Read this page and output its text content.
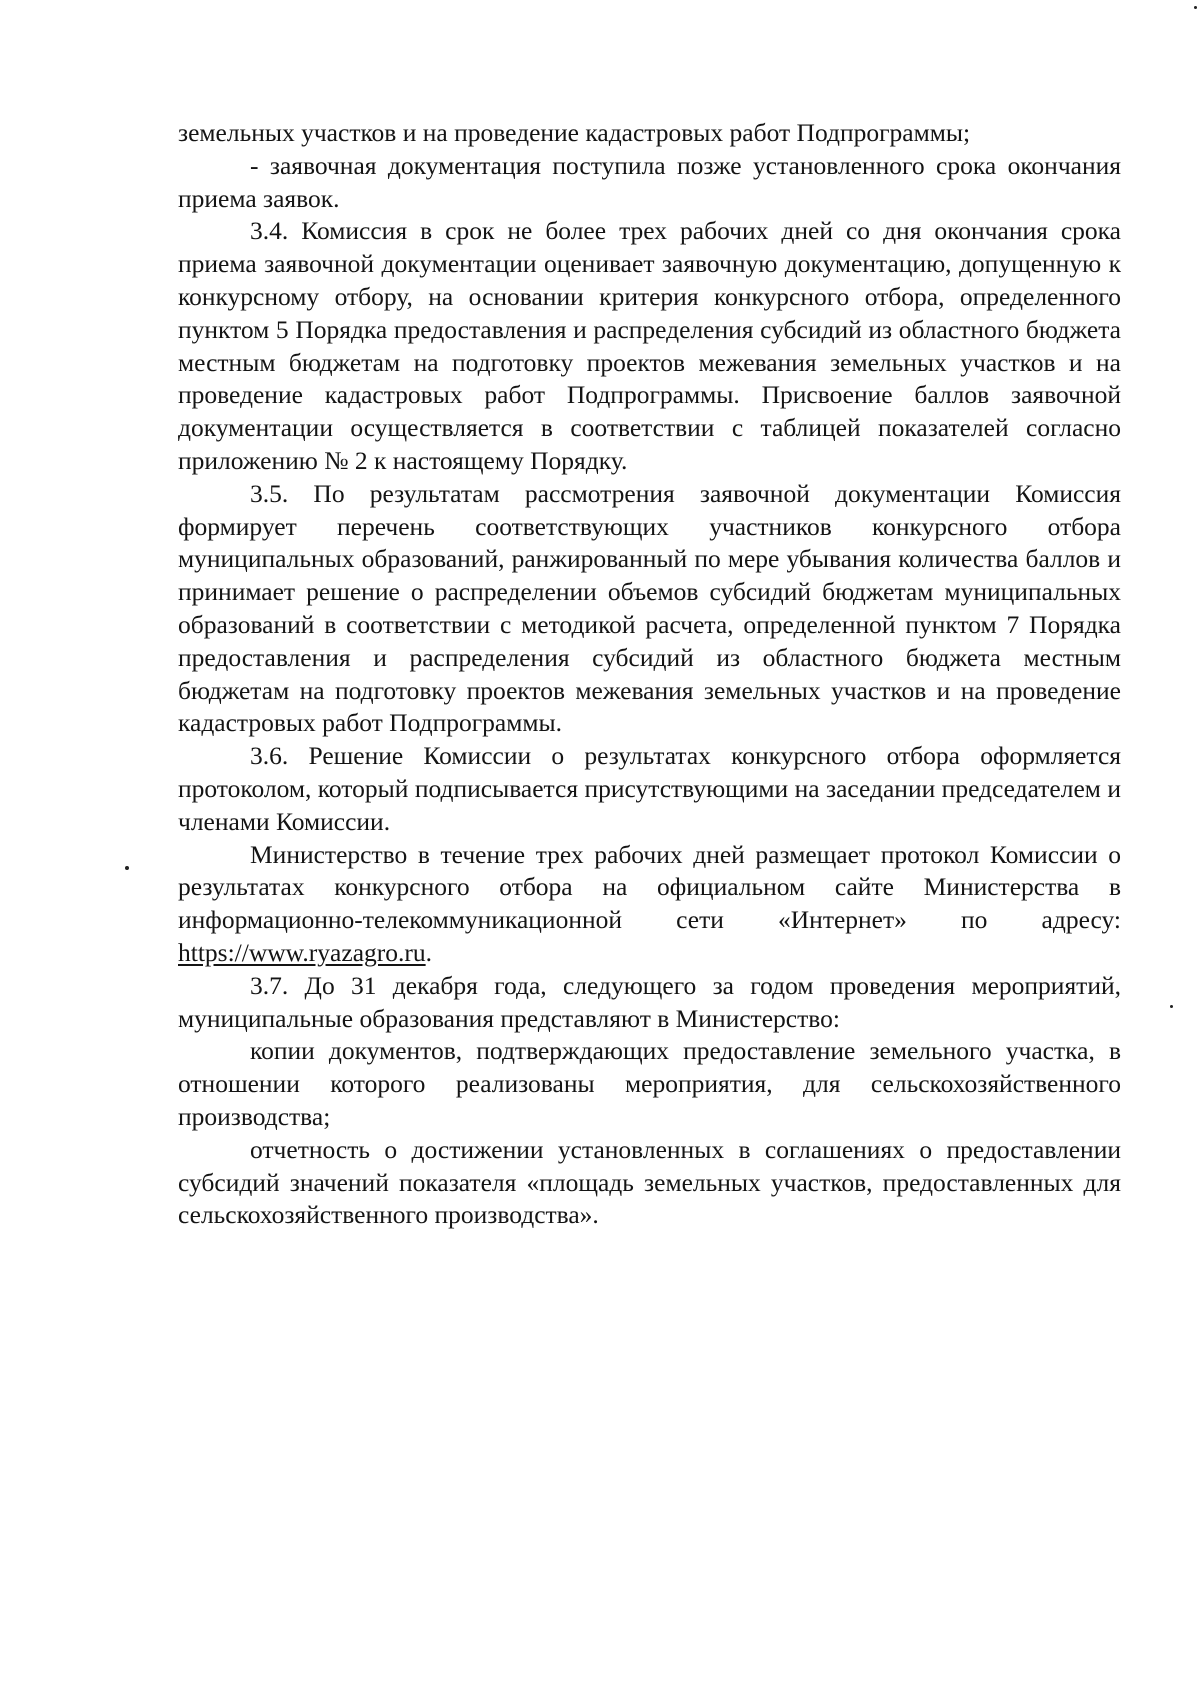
земельных участков и на проведение кадастровых работ Подпрограммы;

- заявочная документация поступила позже установленного срока окончания приема заявок.

3.4. Комиссия в срок не более трех рабочих дней со дня окончания срока приема заявочной документации оценивает заявочную документацию, допущенную к конкурсному отбору, на основании критерия конкурсного отбора, определенного пунктом 5 Порядка предоставления и распределения субсидий из областного бюджета местным бюджетам на подготовку проектов межевания земельных участков и на проведение кадастровых работ Подпрограммы. Присвоение баллов заявочной документации осуществляется в соответствии с таблицей показателей согласно приложению № 2 к настоящему Порядку.

3.5. По результатам рассмотрения заявочной документации Комиссия формирует перечень соответствующих участников конкурсного отбора муниципальных образований, ранжированный по мере убывания количества баллов и принимает решение о распределении объемов субсидий бюджетам муниципальных образований в соответствии с методикой расчета, определенной пунктом 7 Порядка предоставления и распределения субсидий из областного бюджета местным бюджетам на подготовку проектов межевания земельных участков и на проведение кадастровых работ Подпрограммы.

3.6. Решение Комиссии о результатах конкурсного отбора оформляется протоколом, который подписывается присутствующими на заседании председателем и членами Комиссии.

Министерство в течение трех рабочих дней размещает протокол Комиссии о результатах конкурсного отбора на официальном сайте Министерства в информационно-телекоммуникационной сети «Интернет» по адресу: https://www.ryazagro.ru.

3.7. До 31 декабря года, следующего за годом проведения мероприятий, муниципальные образования представляют в Министерство:

копии документов, подтверждающих предоставление земельного участка, в отношении которого реализованы мероприятия, для сельскохозяйственного производства;

отчетность о достижении установленных в соглашениях о предоставлении субсидий значений показателя «площадь земельных участков, предоставленных для сельскохозяйственного производства».
